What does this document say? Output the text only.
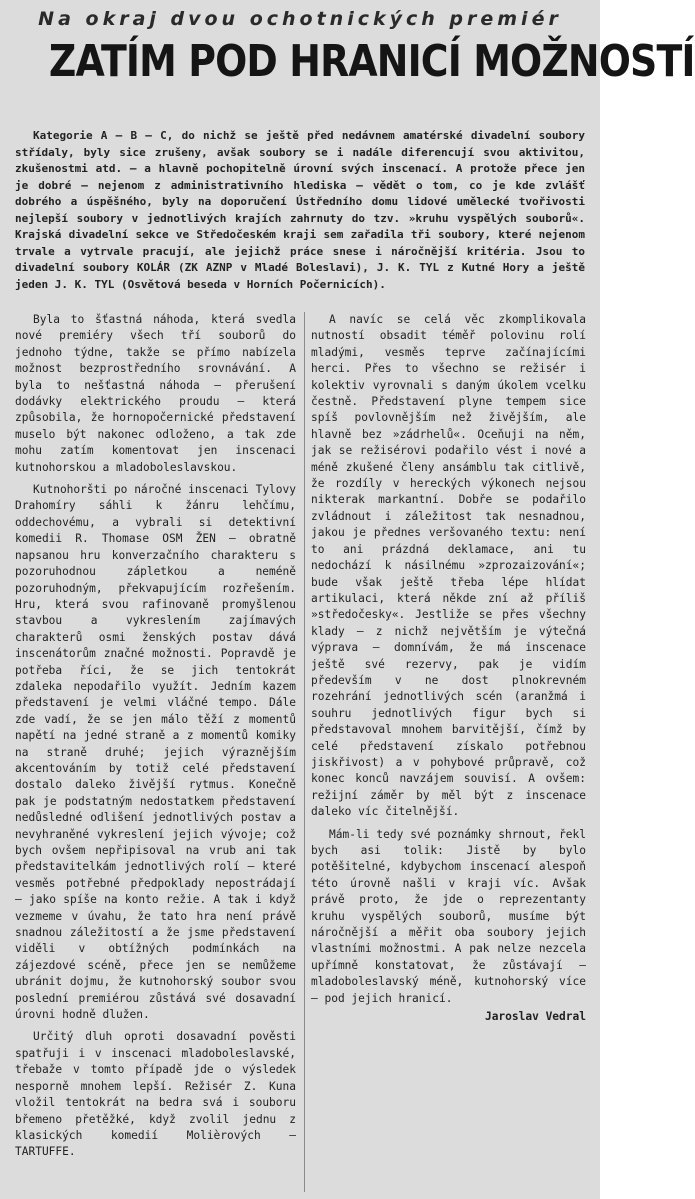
Na okraj dvou ochotnických premiér
ZATÍM POD HRANICÍ MOŽNOSTÍ

Kategorie A — B — C, do nichž se ještě před nedávnem amatérské divadelní soubory střídaly, byly sice zrušeny, avšak soubory se i nadále diferencují svou aktivitou, zkušenostmi atd. — a hlavně pochopitelně úrovní svých inscenací. A protože přece jen je dobré — nejenom z administrativního hlediska — vědět o tom, co je kde zvlášť dobrého a úspěšného, byly na doporučení Ústředního domu lidové umělecké tvořivosti nejlepší soubory v jednotlivých krajích zahrnuty do tzv. »kruhu vyspělých souborů«. Krajská divadelní sekce ve Středočeském kraji sem zařadila tři soubory, které nejenom trvale a vytrvale pracují, ale jejichž práce snese i náročnější kritéria. Jsou to divadelní soubory KOLÁR (ZK AZNP v Mladé Boleslavi), J. K. TYL z Kutné Hory a ještě jeden J. K. TYL (Osvětová beseda v Horních Počernicích).

Byla to šťastná náhoda, která svedla nové premiéry všech tří souborů do jednoho týdne, takže se přímo nabízela možnost bezprostředního srovnávání. A byla to nešťastná náhoda — přerušení dodávky elektrického proudu — která způsobila, že hornopočernické představení muselo být nakonec odloženo, a tak zde mohu zatím komentovat jen inscenaci kutnohorskou a mladoboleslavskou.

Kutnohoršti po náročné inscenaci Tylovy Drahomíry sáhli k žánru lehčímu, oddechovému, a vybrali si detektivní komedii R. Thomase OSM ŽEN — obratně napsanou hru konverzačního charakteru s pozoruhodnou zápletkou a neméně pozoruhodným, překvapujícím rozřešením. Hru, která svou rafinovaně promyšlenou stavbou a vykreslením zajímavých charakterů osmi ženských postav dává inscenátorům značné možnosti. Popravdě je potřeba říci, že se jich tentokrát zdaleka nepodařilo využít. Jedním kazem představení je velmi vláčné tempo. Dále zde vadí, že se jen málo těží z momentů napětí na jedné straně a z momentů komiky na straně druhé; jejich výraznějším akcentováním by totiž celé představení dostalo daleko živější rytmus. Konečně pak je podstatným nedostatkem představení nedůsledné odlišení jednotlivých postav a nevyhraněné vykreslení jejich vývoje; což bych ovšem nepřipisoval na vrub ani tak představitelkám jednotlivých rolí — které vesměs potřebné předpoklady nepostrádají — jako spíše na konto režie. A tak i když vezmeme v úvahu, že tato hra není právě snadnou záležitostí a že jsme představení viděli v obtížných podmínkách na zájezdové scéně, přece jen se nemůžeme ubránit dojmu, že kutnohorský soubor svou poslední premiérou zůstává své dosavadní úrovni hodně dlužen.

Určitý dluh oproti dosavadní pověsti spatřuji i v inscenaci mladoboleslavské, třebaže v tomto případě jde o výsledek nesporně mnohem lepší. Režisér Z. Kuna vložil tentokrát na bedra svá i souboru břemeno přetěžké, když zvolil jednu z klasických komedií Molièrových — TARTUFFE.

A navíc se celá věc zkomplikovala nutností obsadit téměř polovinu rolí mladými, vesměs teprve začínajícími herci. Přes to všechno se režisér i kolektiv vyrovnali s daným úkolem vcelku čestně. Představení plyne tempem sice spíš povlovnějším než živějším, ale hlavně bez »zádrhelů«. Oceňuji na něm, jak se režisérovi podařilo vést i nové a méně zkušené členy ansámblu tak citlivě, že rozdíly v hereckých výkonech nejsou nikterak markantní. Dobře se podařilo zvládnout i záležitost tak nesnadnou, jakou je přednes veršovaného textu: není to ani prázdná deklamace, ani tu nedochází k násilnému »zprozaizování«; bude však ještě třeba lépe hlídat artikulaci, která někde zní až příliš »středočesky«. Jestliže se přes všechny klady — z nichž největším je výtečná výprava — domnívám, že má inscenace ještě své rezervy, pak je vidím především v ne dost plnokrevném rozehrání jednotlivých scén (aranžmá i souhru jednotlivých figur bych si představoval mnohem barvitější, čímž by celé představení získalo potřebnou jiskřivost) a v pohybové průpravě, což konec konců navzájem souvisí. A ovšem: režijní záměr by měl být z inscenace daleko víc čitelnější.

Mám-li tedy své poznámky shrnout, řekl bych asi tolik: Jistě by bylo potěšitelné, kdybychom inscenací alespoň této úrovně našli v kraji víc. Avšak právě proto, že jde o reprezentanty kruhu vyspělých souborů, musíme být náročnější a měřit oba soubory jejich vlastními možnostmi. A pak nelze nezcela upřímně konstatovat, že zůstávají — mladoboleslavský méně, kutnohorský více — pod jejich hranicí.

Jaroslav Vedral
